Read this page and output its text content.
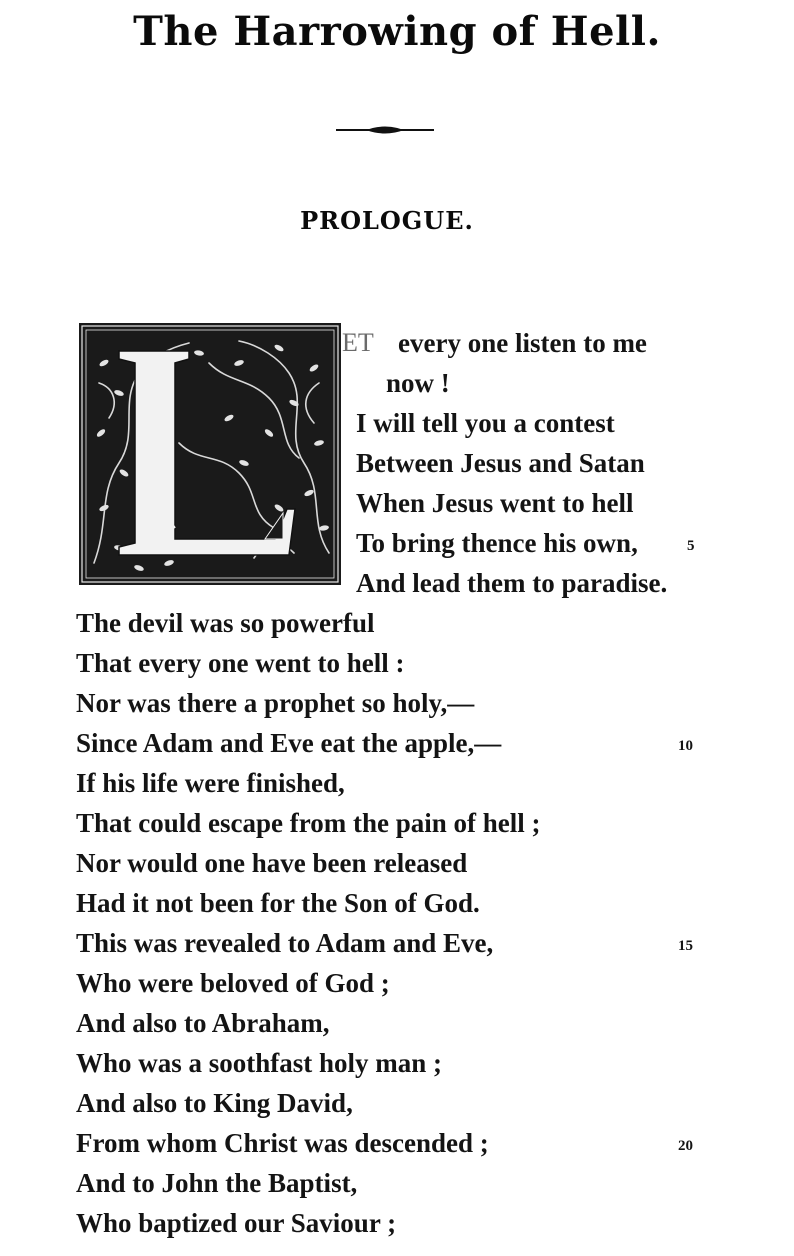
The Harrowing of Hell.
PROLOGUE.
ET every one listen to me
now !
I will tell you a contest
Between Jesus and Satan
When Jesus went to hell
To bring thence his own,	5
And lead them to paradise.
The devil was so powerful
That every one went to hell :
Nor was there a prophet so holy,—
Since Adam and Eve eat the apple,—	10
If his life were finished,
That could escape from the pain of hell ;
Nor would one have been released
Had it not been for the Son of God.
This was revealed to Adam and Eve,	15
Who were beloved of God ;
And also to Abraham,
Who was a soothfast holy man ;
And also to King David,
From whom Christ was descended ;	20
And to John the Baptist,
Who baptized our Saviour ;
